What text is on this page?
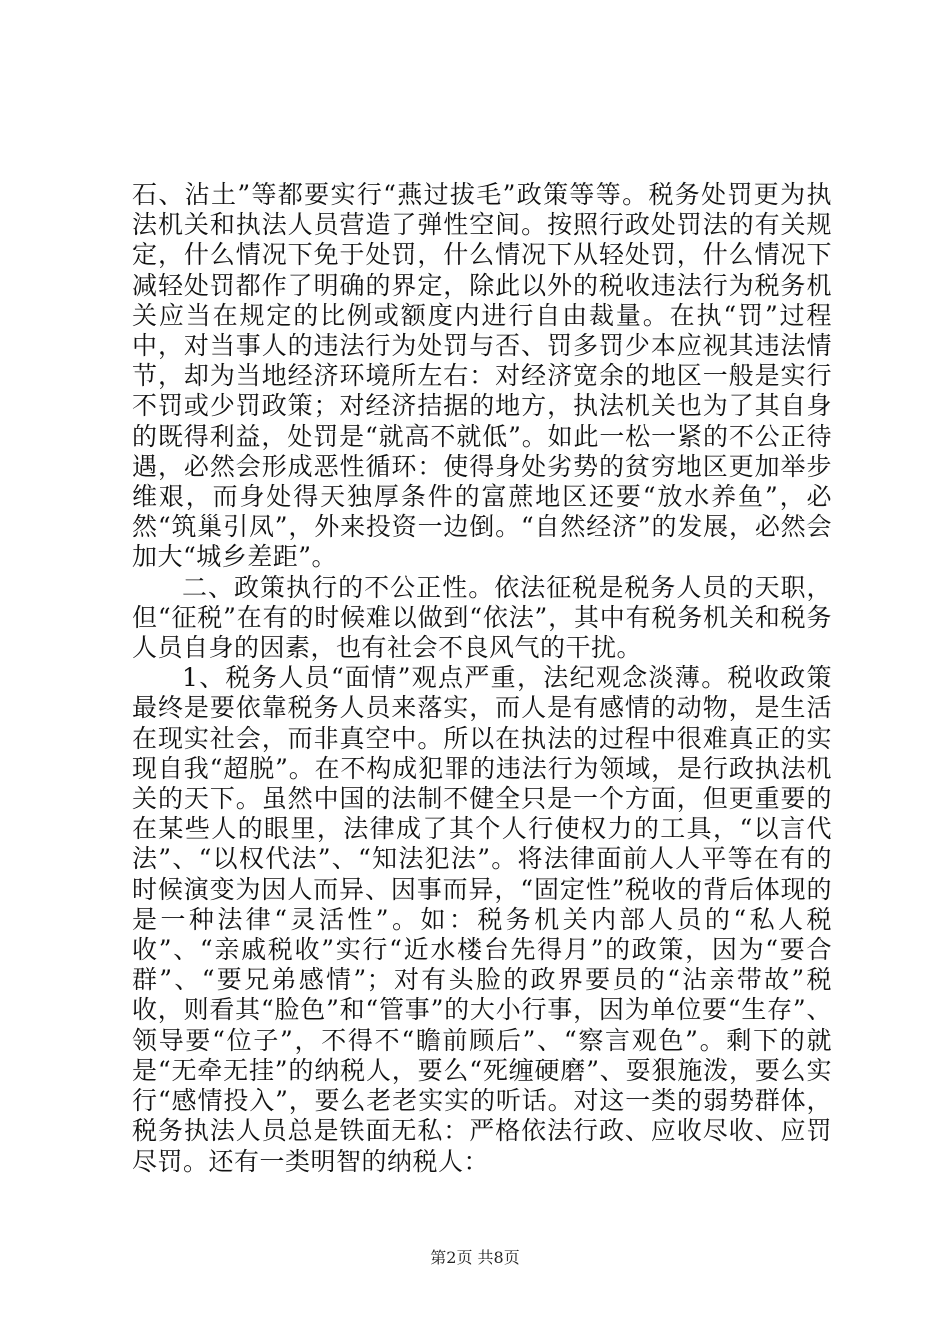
石、沾土”等都要实行“燕过拔毛”政策等等。税务处罚更为执法机关和执法人员营造了弹性空间。按照行政处罚法的有关规定，什么情况下免于处罚，什么情况下从轻处罚，什么情况下减轻处罚都作了明确的界定，除此以外的税收违法行为税务机关应当在规定的比例或额度内进行自由裁量。在执“罚”过程中，对当事人的违法行为处罚与否、罚多罚少本应视其违法情节，却为当地经济环境所左右：对经济宽余的地区一般是实行不罚或少罚政策；对经济拮据的地方，执法机关也为了其自身的既得利益，处罚是“就高不就低”。如此一松一紧的不公正待遇，必然会形成恶性循环：使得身处劣势的贫穷地区更加举步维艰，而身处得天独厚条件的富蔗地区还要“放水养鱼”，必然“筑巢引凤”，外来投资一边倒。“自然经济”的发展，必然会加大“城乡差距”。

二、政策执行的不公正性。依法征税是税务人员的天职，但“征税”在有的时候难以做到“依法”，其中有税务机关和税务人员自身的因素，也有社会不良风气的干扰。

1、税务人员“面情”观点严重，法纪观念淡薄。税收政策最终是要依靠税务人员来落实，而人是有感情的动物，是生活在现实社会，而非真空中。所以在执法的过程中很难真正的实现自我“超脱”。在不构成犯罪的违法行为领域，是行政执法机关的天下。虽然中国的法制不健全只是一个方面，但更重要的在某些人的眼里，法律成了其个人行使权力的工具，“以言代法”、“以权代法”、“知法犯法”。将法律面前人人平等在有的时候演变为因人而异、因事而异，“固定性”税收的背后体现的是一种法律“灵活性”。如：税务机关内部人员的“私人税收”、“亲戚税收”实行“近水楼台先得月”的政策，因为“要合群”、“要兄弟感情”；对有头脸的政界要员的“沾亲带故”税收，则看其“脸色”和“管事”的大小行事，因为单位要“生存”、领导要“位子”，不得不“瞻前顾后”、“察言观色”。剩下的就是“无牵无挂”的纳税人，要么“死缠硬磨”、耍狠施泼，要么实行“感情投入”，要么老老实实的听话。对这一类的弱势群体，税务执法人员总是铁面无私：严格依法行政、应收尽收、应罚尽罚。还有一类明智的纳税人：

第2页 共8页
